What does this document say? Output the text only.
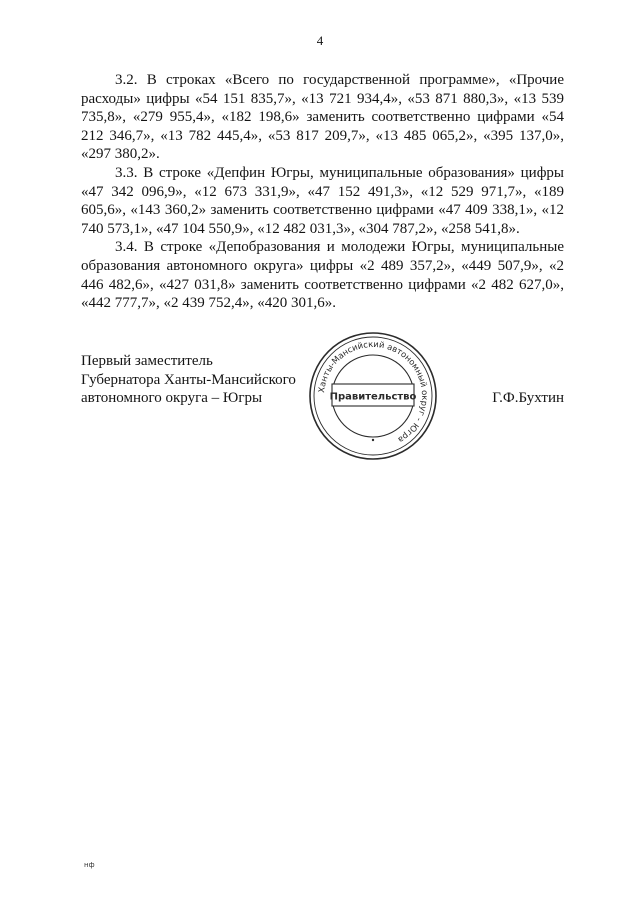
4

3.2. В строках «Всего по государственной программе», «Прочие расходы» цифры «54 151 835,7», «13 721 934,4», «53 871 880,3», «13 539 735,8», «279 955,4», «182 198,6» заменить соответственно цифрами «54 212 346,7», «13 782 445,4», «53 817 209,7», «13 485 065,2», «395 137,0», «297 380,2».

3.3. В строке «Депфин Югры, муниципальные образования» цифры «47 342 096,9», «12 673 331,9», «47 152 491,3», «12 529 971,7», «189 605,6», «143 360,2» заменить соответственно цифрами «47 409 338,1», «12 740 573,1», «47 104 550,9», «12 482 031,3», «304 787,2», «258 541,8».

3.4. В строке «Депобразования и молодежи Югры, муниципальные образования автономного округа» цифры «2 489 357,2», «449 507,9», «2 446 482,6», «427 031,8» заменить соответственно цифрами «2 482 627,0», «442 777,7», «2 439 752,4», «420 301,6».

Первый заместитель
Губернатора Ханты-Мансийского
автономного округа – Югры
Ханты-Мансийский автономный округ - Югра
Правительство	Г.Ф.Бухтин
нф
